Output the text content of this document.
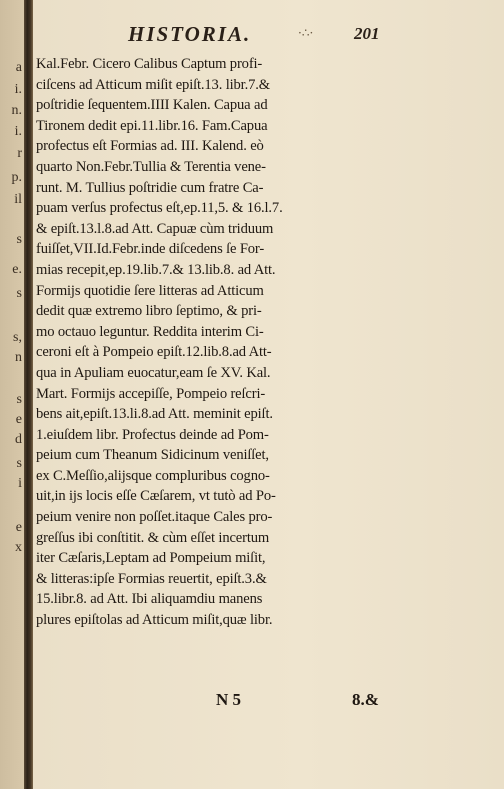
a
i.
n.
i.
r
p.
il
s
e.
s
s,
n
s
e
d
s
i
e
x
HISTORIA.	·∴· 201
Kal.Febr. Cicero Calibus Captum profi-
ciſcens ad Atticum miſit epiſt.13. libr.7.&
poſtridie ſequentem.IIII Kalen. Capua ad
Tironem dedit epi.11.libr.16. Fam.Capua
profectus eſt Formias ad. III. Kalend. eò
quarto Non.Febr.Tullia & Terentia vene-
runt. M. Tullius poſtridie cum fratre Ca-
puam verſus profectus eſt,ep.11,5. & 16.l.7.
& epiſt.13.l.8.ad Att. Capuæ cùm triduum
fuiſſet,VII.Id.Febr.inde diſcedens ſe For-
mias recepit,ep.19.lib.7.& 13.lib.8. ad Att.
Formijs quotidie ſere litteras ad Atticum
dedit quæ extremo libro ſeptimo, & pri-
mo octauo leguntur. Reddita interim Ci-
ceroni eſt à Pompeio epiſt.12.lib.8.ad Att-
qua in Apuliam euocatur,eam ſe XV. Kal.
Mart. Formijs accepiſſe, Pompeio reſcri-
bens ait,epiſt.13.li.8.ad Att. meminit epiſt.
1.eiuſdem libr. Profectus deinde ad Pom-
peium cum Theanum Sidicinum veniſſet,
ex C.Meſſio,alijsque compluribus cogno-
uit,in ijs locis eſſe Cæſarem, vt tutò ad Po-
peium venire non poſſet.itaque Cales pro-
greſſus ibi conſtitit. & cùm eſſet incertum
iter Cæſaris,Leptam ad Pompeium miſit,
& litteras:ipſe Formias reuertit, epiſt.3.&
15.libr.8. ad Att. Ibi aliquamdiu manens
plures epiſtolas ad Atticum miſit,quæ libr.
N 5	8.&
